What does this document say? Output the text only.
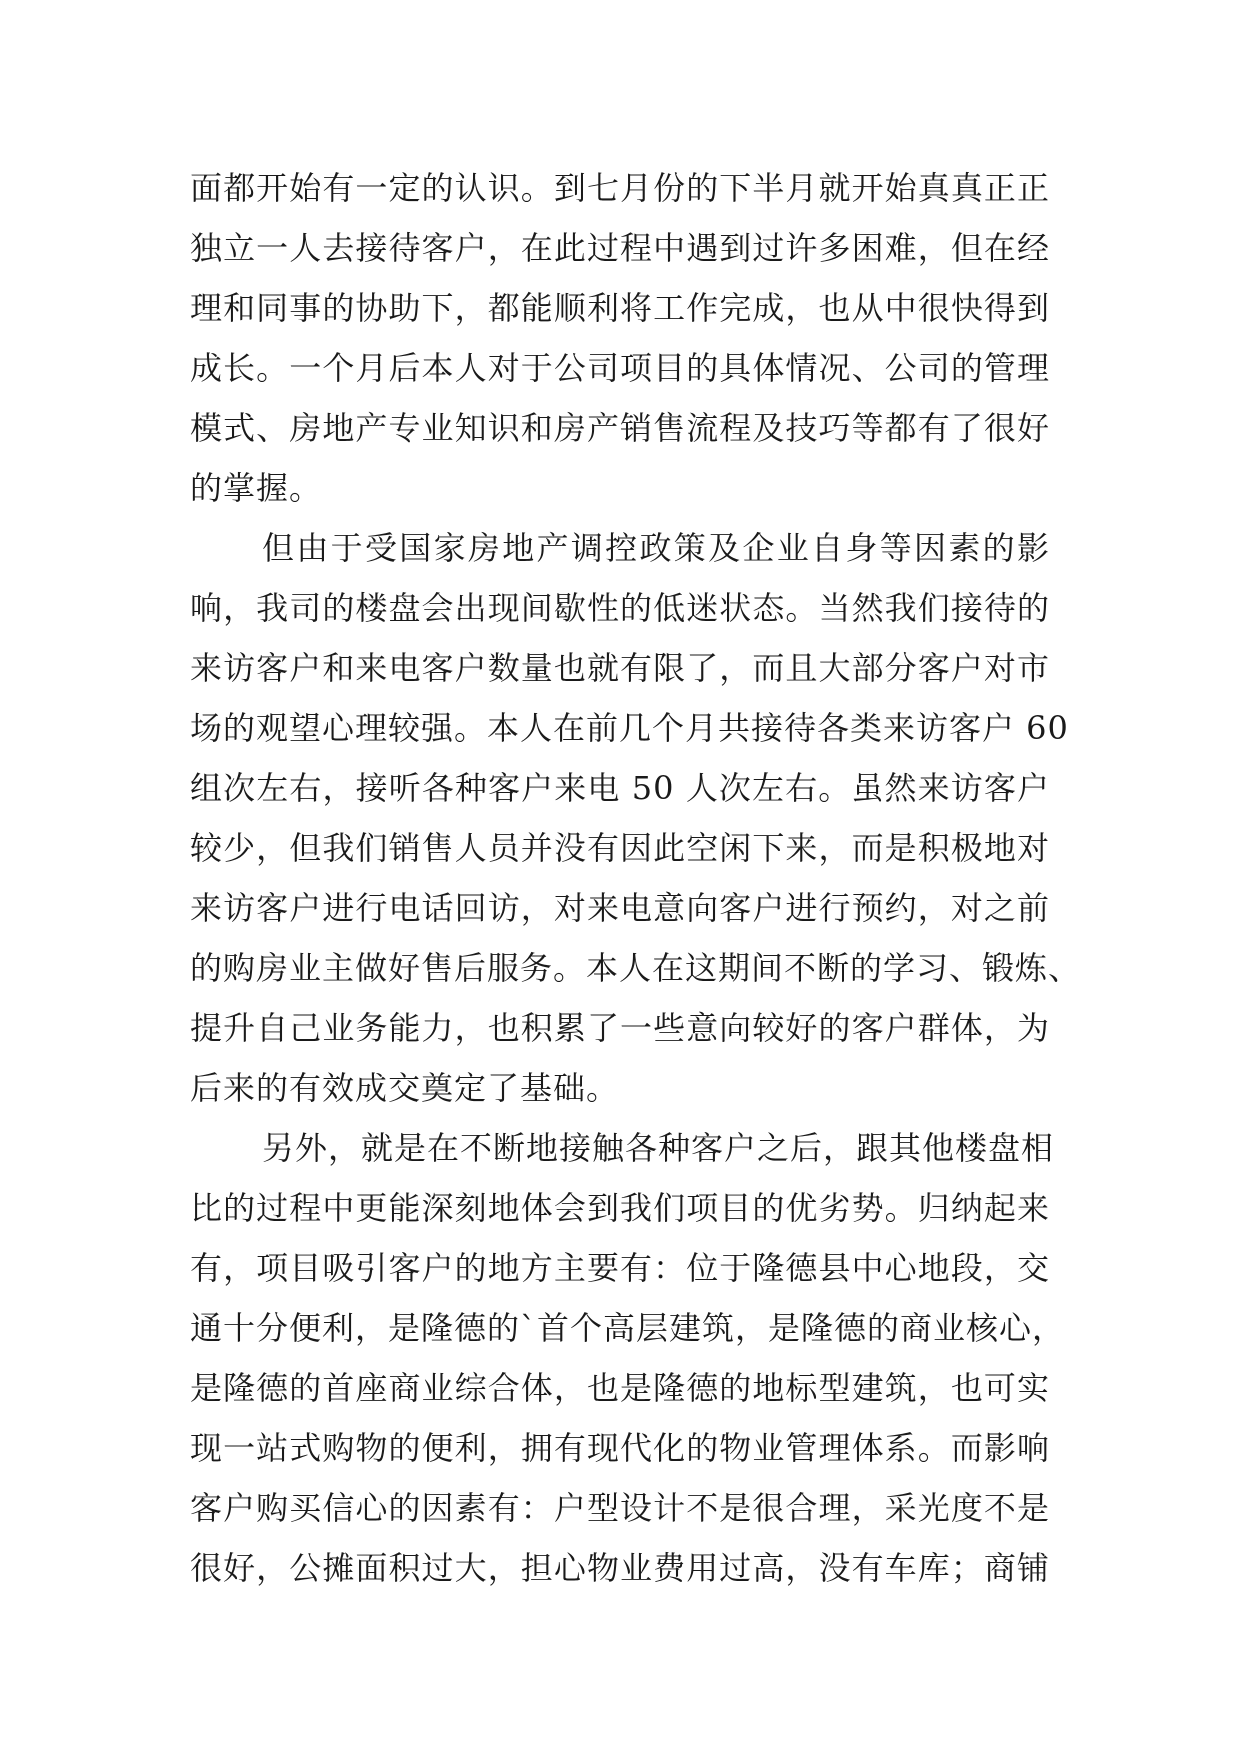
面都开始有一定的认识。到七月份的下半月就开始真真正正
独立一人去接待客户，在此过程中遇到过许多困难，但在经
理和同事的协助下，都能顺利将工作完成，也从中很快得到
成长。一个月后本人对于公司项目的具体情况、公司的管理
模式、房地产专业知识和房产销售流程及技巧等都有了很好
的掌握。
但由于受国家房地产调控政策及企业自身等因素的影
响，我司的楼盘会出现间歇性的低迷状态。当然我们接待的
来访客户和来电客户数量也就有限了，而且大部分客户对市
场的观望心理较强。本人在前几个月共接待各类来访客户 60
组次左右，接听各种客户来电 50 人次左右。虽然来访客户
较少，但我们销售人员并没有因此空闲下来，而是积极地对
来访客户进行电话回访，对来电意向客户进行预约，对之前
的购房业主做好售后服务。本人在这期间不断的学习、锻炼、
提升自己业务能力，也积累了一些意向较好的客户群体，为
后来的有效成交奠定了基础。
另外，就是在不断地接触各种客户之后，跟其他楼盘相
比的过程中更能深刻地体会到我们项目的优劣势。归纳起来
有，项目吸引客户的地方主要有：位于隆德县中心地段，交
通十分便利，是隆德的`首个高层建筑，是隆德的商业核心，
是隆德的首座商业综合体，也是隆德的地标型建筑，也可实
现一站式购物的便利，拥有现代化的物业管理体系。而影响
客户购买信心的因素有：户型设计不是很合理，采光度不是
很好，公摊面积过大，担心物业费用过高，没有车库；商铺
